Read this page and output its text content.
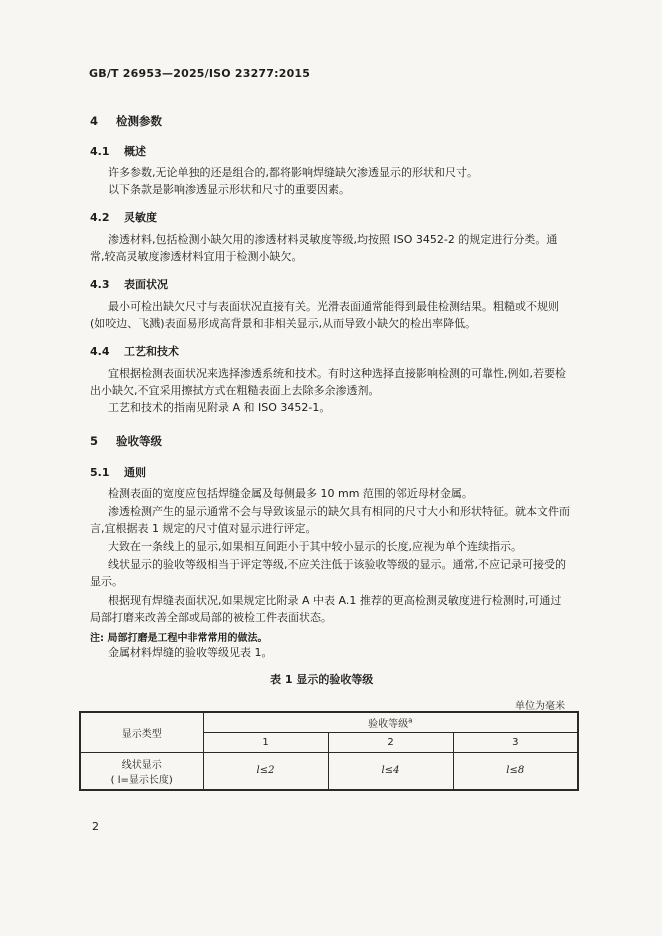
GB/T 26953—2025/ISO 23277:2015
4 检测参数
4.1 概述
许多参数,无论单独的还是组合的,都将影响焊缝缺欠渗透显示的形状和尺寸。
以下条款是影响渗透显示形状和尺寸的重要因素。
4.2 灵敏度
渗透材料,包括检测小缺欠用的渗透材料灵敏度等级,均按照 ISO 3452-2 的规定进行分类。通
常,较高灵敏度渗透材料宜用于检测小缺欠。
4.3 表面状况
最小可检出缺欠尺寸与表面状况直接有关。光滑表面通常能得到最佳检测结果。粗糙或不规则
(如咬边、飞溅)表面易形成高背景和非相关显示,从而导致小缺欠的检出率降低。
4.4 工艺和技术
宜根据检测表面状况来选择渗透系统和技术。有时这种选择直接影响检测的可靠性,例如,若要检
出小缺欠,不宜采用擦拭方式在粗糙表面上去除多余渗透剂。
工艺和技术的指南见附录 A 和 ISO 3452-1。
5 验收等级
5.1 通则
检测表面的宽度应包括焊缝金属及每侧最多 10 mm 范围的邻近母材金属。
渗透检测产生的显示通常不会与导致该显示的缺欠具有相同的尺寸大小和形状特征。就本文件而
言,宜根据表 1 规定的尺寸值对显示进行评定。
大致在一条线上的显示,如果相互间距小于其中较小显示的长度,应视为单个连续指示。
线状显示的验收等级相当于评定等级,不应关注低于该验收等级的显示。通常,不应记录可接受的
显示。
根据现有焊缝表面状况,如果规定比附录 A 中表 A.1 推荐的更高检测灵敏度进行检测时,可通过
局部打磨来改善全部或局部的被检工件表面状态。
注: 局部打磨是工程中非常常用的做法。
金属材料焊缝的验收等级见表 1。
表 1 显示的验收等级
单位为毫米
显示类型	验收等级$^a$
	1	2	3

线状显示
( l=显示长度)	l≤2	l≤4	l≤8
2
